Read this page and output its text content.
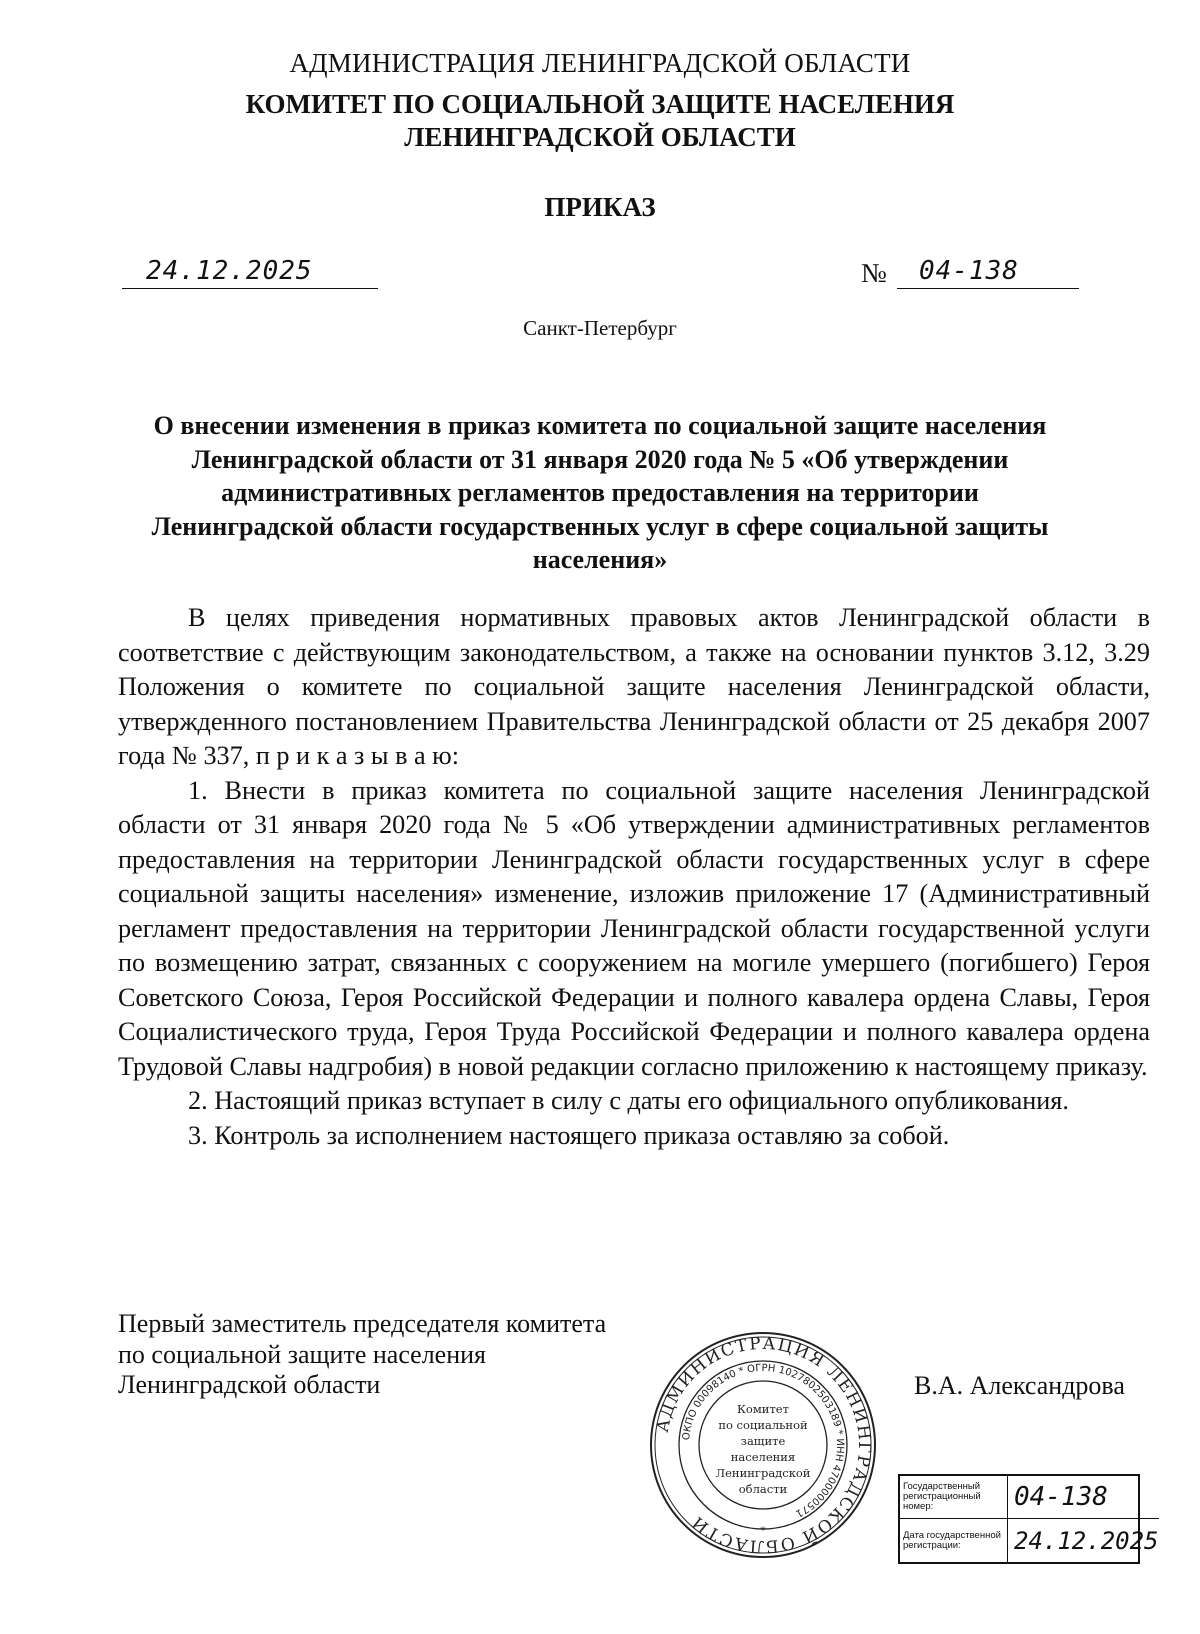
АДМИНИСТРАЦИЯ ЛЕНИНГРАДСКОЙ ОБЛАСТИ
КОМИТЕТ ПО СОЦИАЛЬНОЙ ЗАЩИТЕ НАСЕЛЕНИЯ
ЛЕНИНГРАДСКОЙ ОБЛАСТИ
ПРИКАЗ
24.12.2025	№ 04-138
Санкт-Петербург
О внесении изменения в приказ комитета по социальной защите населения
Ленинградской области от 31 января 2020 года № 5 «Об утверждении
административных регламентов предоставления на территории
Ленинградской области государственных услуг в сфере социальной защиты
населения»

В целях приведения нормативных правовых актов Ленинградской области в соответствие с действующим законодательством, а также на основании пунктов 3.12, 3.29 Положения о комитете по социальной защите населения Ленинградской области, утвержденного постановлением Правительства Ленинградской области от 25 декабря 2007 года № 337, п р и к а з ы в а ю:

1. Внести в приказ комитета по социальной защите населения Ленинградской области от 31 января 2020 года № 5 «Об утверждении административных регламентов предоставления на территории Ленинградской области государственных услуг в сфере социальной защиты населения» изменение, изложив приложение 17 (Административный регламент предоставления на территории Ленинградской области государственной услуги по возмещению затрат, связанных с сооружением на могиле умершего (погибшего) Героя Советского Союза, Героя Российской Федерации и полного кавалера ордена Славы, Героя Социалистического труда, Героя Труда Российской Федерации и полного кавалера ордена Трудовой Славы надгробия) в новой редакции согласно приложению к настоящему приказу.

2. Настоящий приказ вступает в силу с даты его официального опубликования.

3. Контроль за исполнением настоящего приказа оставляю за собой.

Первый заместитель председателя комитета
по социальной защите населения
Ленинградской области	В.А. Александрова
АДМИНИСТРАЦИЯ ЛЕНИНГРАДСКОЙ ОБЛАСТИ
ОКПО 00098140 * ОГРН 1027802503189 * ИНН 4700000571
Комитет
по социальной
защите
населения
Ленинградской
области
*
Государственный регистрационный номер:	04-138
Дата государственной регистрации:	24.12.2025
